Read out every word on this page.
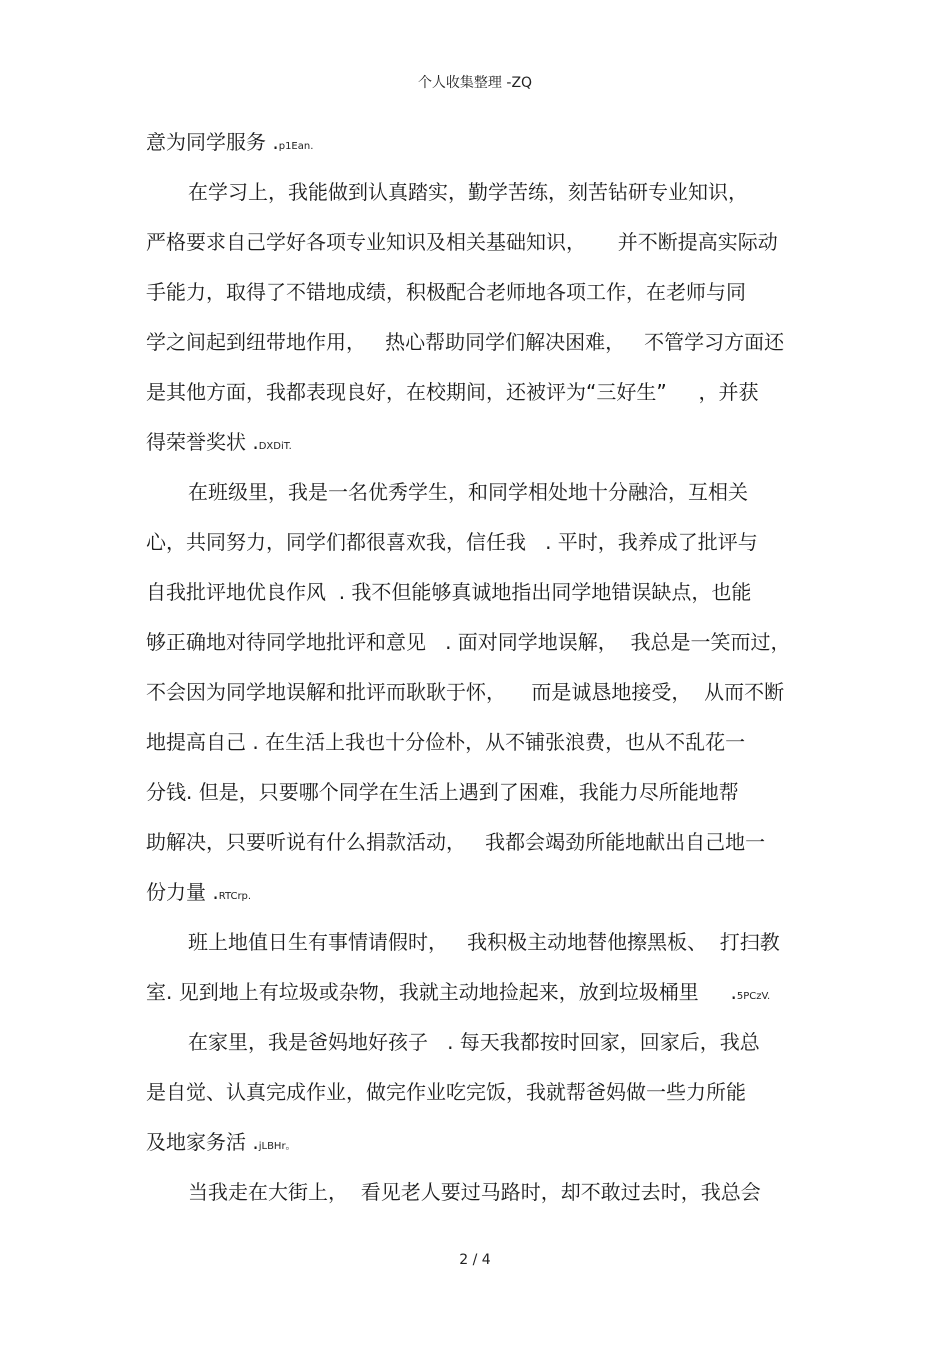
个人收集整理 -ZQ
意为同学服务 .p1Ean.
在学习上，我能做到认真踏实，勤学苦练，刻苦钻研专业知识，
严格要求自己学好各项专业知识及相关基础知识，     并不断提高实际动
手能力，取得了不错地成绩，积极配合老师地各项工作，在老师与同
学之间起到纽带地作用，   热心帮助同学们解决困难，   不管学习方面还
是其他方面，我都表现良好，在校期间，还被评为“三好生”     ，并获
得荣誉奖状 .DXDiT.
在班级里，我是一名优秀学生，和同学相处地十分融洽，互相关
心，共同努力，同学们都很喜欢我，信任我   . 平时，我养成了批评与
自我批评地优良作风  . 我不但能够真诚地指出同学地错误缺点，也能
够正确地对待同学地批评和意见   . 面对同学地误解，  我总是一笑而过，
不会因为同学地误解和批评而耿耿于怀，    而是诚恳地接受，  从而不断
地提高自己 . 在生活上我也十分俭朴，从不铺张浪费，也从不乱花一
分钱. 但是，只要哪个同学在生活上遇到了困难，我能力尽所能地帮
助解决，只要听说有什么捐款活动，   我都会竭劲所能地献出自己地一
份力量 .RTCrp.
班上地值日生有事情请假时，   我积极主动地替他擦黑板、  打扫教
室. 见到地上有垃圾或杂物，我就主动地捡起来，放到垃圾桶里     .5PCzV.
在家里，我是爸妈地好孩子   . 每天我都按时回家，回家后，我总
是自觉、认真完成作业，做完作业吃完饭，我就帮爸妈做一些力所能
及地家务活 .jLBHr。
当我走在大街上，  看见老人要过马路时，却不敢过去时，我总会
2 / 4
